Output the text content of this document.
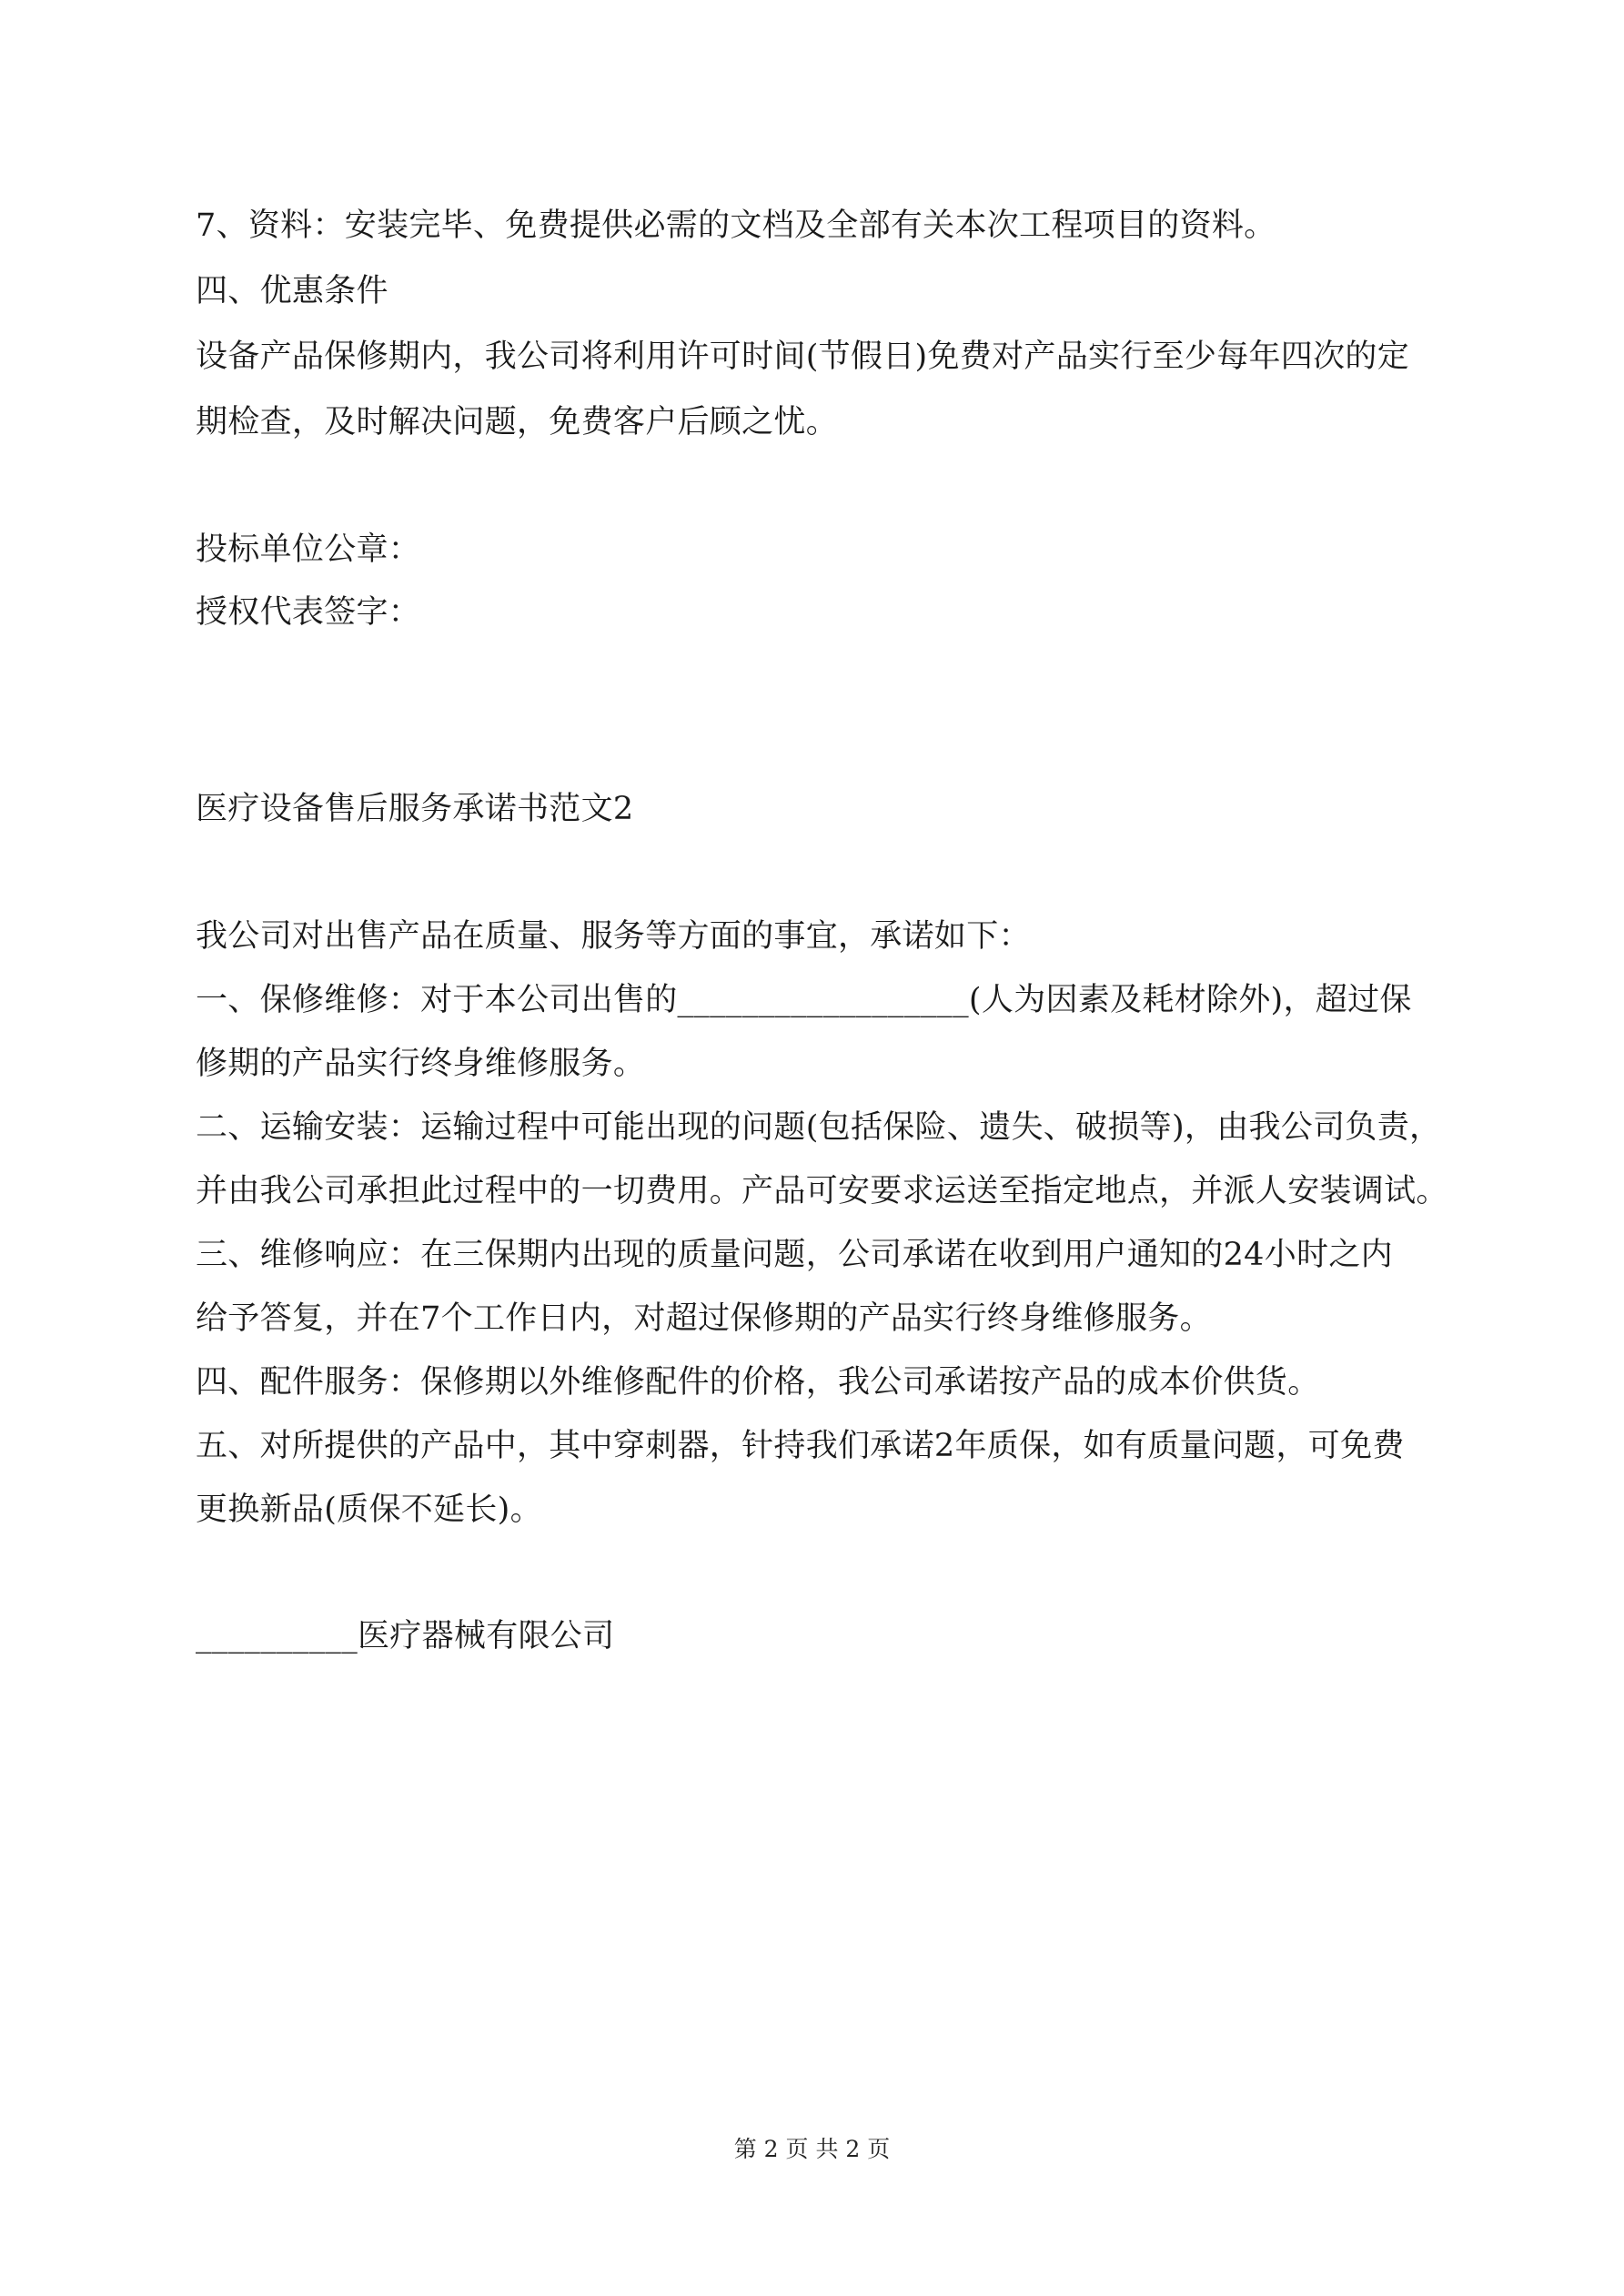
7、资料：安装完毕、免费提供必需的文档及全部有关本次工程项目的资料。
四、优惠条件
设备产品保修期内，我公司将利用许可时间(节假日)免费对产品实行至少每年四次的定
期检查，及时解决问题，免费客户后顾之忧。
投标单位公章：
授权代表签字：
医疗设备售后服务承诺书范文2
我公司对出售产品在质量、服务等方面的事宜，承诺如下：
一、保修维修：对于本公司出售的__________________(人为因素及耗材除外)，超过保
修期的产品实行终身维修服务。
二、运输安装：运输过程中可能出现的问题(包括保险、遗失、破损等)，由我公司负责，
并由我公司承担此过程中的一切费用。产品可安要求运送至指定地点，并派人安装调试。
三、维修响应：在三保期内出现的质量问题，公司承诺在收到用户通知的24小时之内
给予答复，并在7个工作日内，对超过保修期的产品实行终身维修服务。
四、配件服务：保修期以外维修配件的价格，我公司承诺按产品的成本价供货。
五、对所提供的产品中，其中穿刺器，针持我们承诺2年质保，如有质量问题，可免费
更换新品(质保不延长)。
__________医疗器械有限公司
第 2 页 共 2 页
